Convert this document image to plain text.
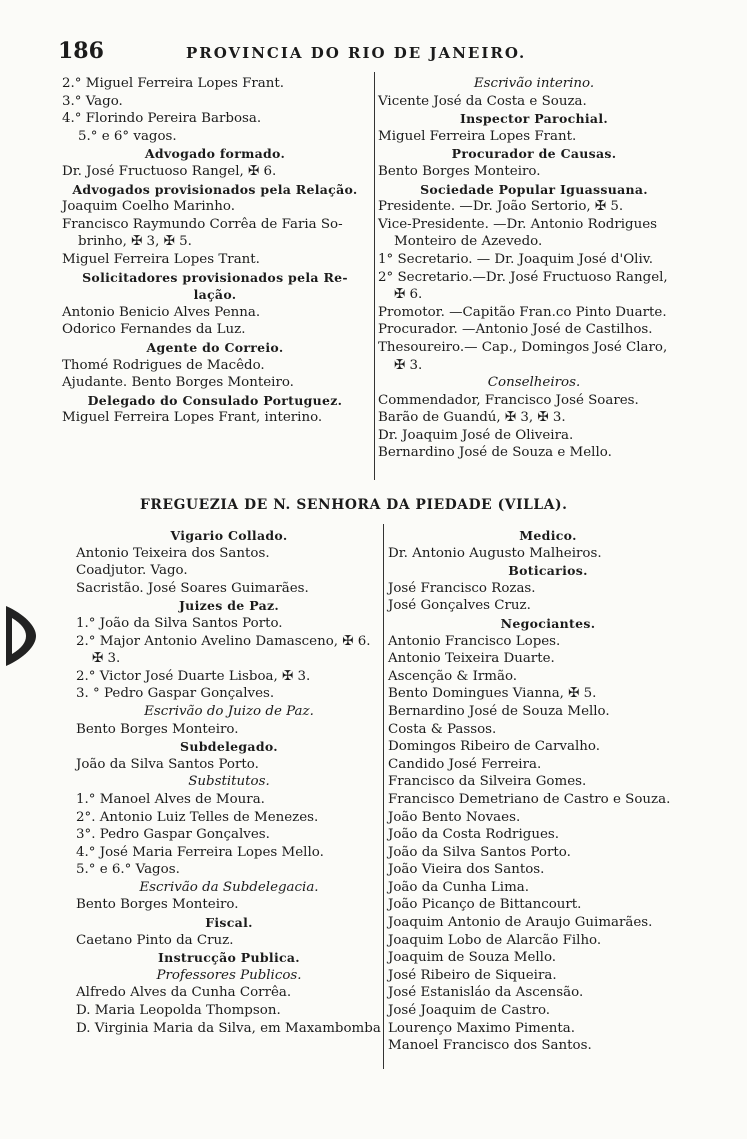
186	PROVINCIA DO RIO DE JANEIRO.
2.° Miguel Ferreira Lopes Frant.
3.° Vago.
4.° Florindo Pereira Barbosa.
5.° e 6° vagos.
Advogado formado.
Dr. José Fructuoso Rangel, ✠ 6.
Advogados provisionados pela Relação.
Joaquim Coelho Marinho.
Francisco Raymundo Corrêa de Faria So-
brinho, ✠ 3, ✠ 5.
Miguel Ferreira Lopes Trant.
Solicitadores provisionados pela Re-
lação.
Antonio Benicio Alves Penna.
Odorico Fernandes da Luz.
Agente do Correio.
Thomé Rodrigues de Macêdo.
Ajudante. Bento Borges Monteiro.
Delegado do Consulado Portuguez.
Miguel Ferreira Lopes Frant, interino.
Escrivão interino.
Vicente José da Costa e Souza.
Inspector Parochial.
Miguel Ferreira Lopes Frant.
Procurador de Causas.
Bento Borges Monteiro.
Sociedade Popular Iguassuana.
Presidente. —Dr. João Sertorio, ✠ 5.
Vice-Presidente. —Dr. Antonio Rodrigues
Monteiro de Azevedo.
1° Secretario. — Dr. Joaquim José d'Oliv.
2° Secretario.—Dr. José Fructuoso Rangel,
✠ 6.
Promotor. —Capitão Fran.co Pinto Duarte.
Procurador. —Antonio José de Castilhos.
Thesoureiro.— Cap., Domingos José Claro,
✠ 3.
Conselheiros.
Commendador, Francisco José Soares.
Barão de Guandú, ✠ 3, ✠ 3.
Dr. Joaquim José de Oliveira.
Bernardino José de Souza e Mello.
FREGUEZIA DE N. SENHORA DA PIEDADE (VILLA).
Vigario Collado.
Antonio Teixeira dos Santos.
Coadjutor. Vago.
Sacristão. José Soares Guimarães.
Juizes de Paz.
1.° João da Silva Santos Porto.
2.° Major Antonio Avelino Damasceno, ✠ 6.
✠ 3.
2.° Victor José Duarte Lisboa, ✠ 3.
3. ° Pedro Gaspar Gonçalves.
Escrivão do Juizo de Paz.
Bento Borges Monteiro.
Subdelegado.
João da Silva Santos Porto.
Substitutos.
1.° Manoel Alves de Moura.
2°. Antonio Luiz Telles de Menezes.
3°. Pedro Gaspar Gonçalves.
4.° José Maria Ferreira Lopes Mello.
5.° e 6.° Vagos.
Escrivão da Subdelegacia.
Bento Borges Monteiro.
Fiscal.
Caetano Pinto da Cruz.
Instrucção Publica.
Professores Publicos.
Alfredo Alves da Cunha Corrêa.
D. Maria Leopolda Thompson.
D. Virginia Maria da Silva, em Maxambomba
Medico.
Dr. Antonio Augusto Malheiros.
Boticarios.
José Francisco Rozas.
José Gonçalves Cruz.
Negociantes.
Antonio Francisco Lopes.
Antonio Teixeira Duarte.
Ascenção & Irmão.
Bento Domingues Vianna, ✠ 5.
Bernardino José de Souza Mello.
Costa & Passos.
Domingos Ribeiro de Carvalho.
Candido José Ferreira.
Francisco da Silveira Gomes.
Francisco Demetriano de Castro e Souza.
João Bento Novaes.
João da Costa Rodrigues.
João da Silva Santos Porto.
João Vieira dos Santos.
João da Cunha Lima.
João Picanço de Bittancourt.
Joaquim Antonio de Araujo Guimarães.
Joaquim Lobo de Alarcão Filho.
Joaquim de Souza Mello.
José Ribeiro de Siqueira.
José Estanisláo da Ascensão.
José Joaquim de Castro.
Lourenço Maximo Pimenta.
Manoel Francisco dos Santos.
